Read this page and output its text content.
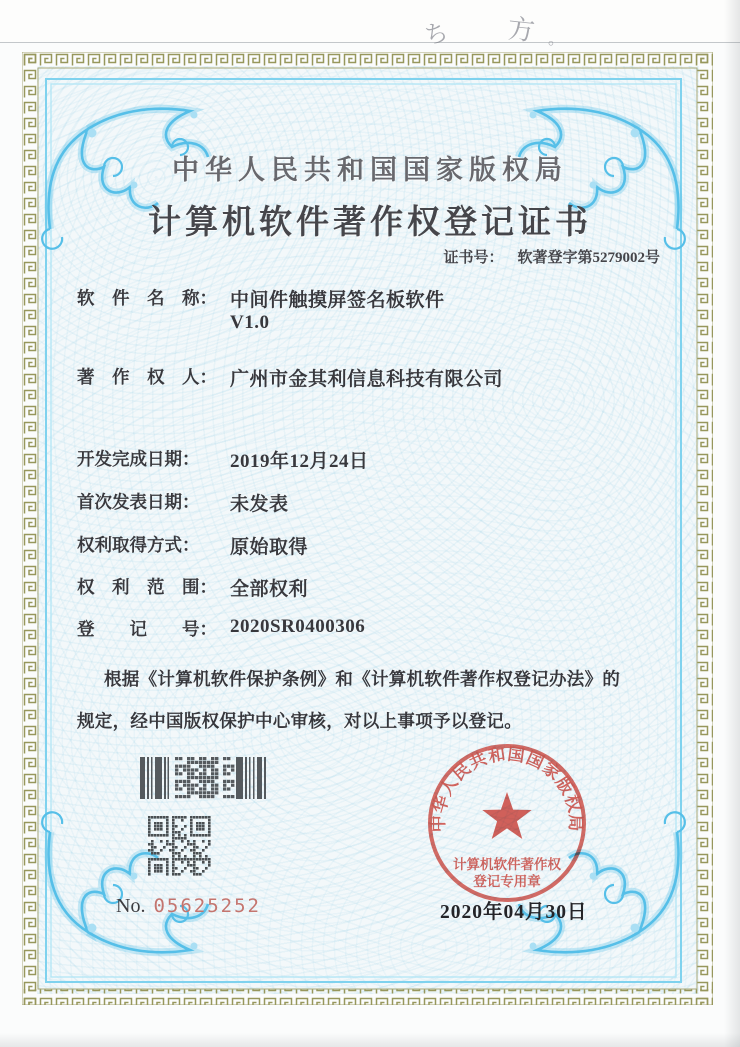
ち 方 。
中华人民共和国国家版权局
计算机软件著作权登记证书
证书号： 软著登字第5279002号
软　件　名　称： 中间件触摸屏签名板软件
V1.0
著　作　权　人： 广州市金其利信息科技有限公司
开发完成日期： 2019年12月24日
首次发表日期： 未发表
权利取得方式： 原始取得
权　利　范　围： 全部权利
登　　记　　号： 2020SR0400306
根据《计算机软件保护条例》和《计算机软件著作权登记办法》的
规定，经中国版权保护中心审核，对以上事项予以登记。
No. 05625252
中华人民共和国国家版权局
计算机软件著作权
登记专用章
2020年04月30日
